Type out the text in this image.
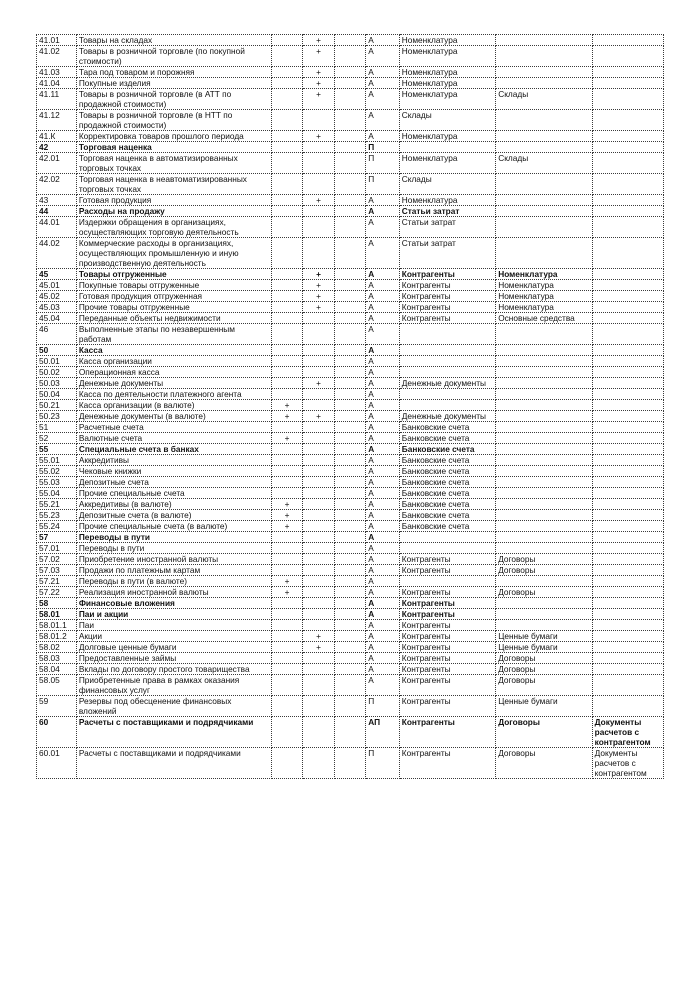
41.01	Товары на складах		+		А	Номенклатура		
41.02	Товары в розничной торговле (по покупной стоимости)		+		А	Номенклатура		
41.03	Тара под товаром и порожняя		+		А	Номенклатура		
41.04	Покупные изделия		+		А	Номенклатура		
41.11	Товары в розничной торговле (в АТТ по продажной стоимости)		+		А	Номенклатура	Склады	
41.12	Товары в розничной торговле (в НТТ по продажной стоимости)				А	Склады		
41.К	Корректировка товаров прошлого периода		+		А	Номенклатура		
42	Торговая наценка				П			
42.01	Торговая наценка в автоматизированных торговых точках				П	Номенклатура	Склады	
42.02	Торговая наценка в неавтоматизированных торговых точках				П	Склады		
43	Готовая продукция		+		А	Номенклатура		
44	Расходы на продажу				А	Статьи затрат		
44.01	Издержки обращения в организациях, осуществляющих торговую деятельность				А	Статьи затрат		
44.02	Коммерческие расходы в организациях, осуществляющих промышленную и иную производственную деятельность				А	Статьи затрат		
45	Товары отгруженные		+		А	Контрагенты	Номенклатура	
45.01	Покупные товары отгруженные		+		А	Контрагенты	Номенклатура	
45.02	Готовая продукция отгруженная		+		А	Контрагенты	Номенклатура	
45.03	Прочие товары отгруженные		+		А	Контрагенты	Номенклатура	
45.04	Переданные объекты недвижимости				А	Контрагенты	Основные средства	
46	Выполненные этапы по незавершенным работам				А			
50	Касса				А			
50.01	Касса организации				А			
50.02	Операционная касса				А			
50.03	Денежные документы		+		А	Денежные документы		
50.04	Касса по деятельности платежного агента				А			
50.21	Касса организации (в валюте)	+			А			
50.23	Денежные документы (в валюте)	+	+		А	Денежные документы		
51	Расчетные счета				А	Банковские счета		
52	Валютные счета	+			А	Банковские счета		
55	Специальные счета в банках				А	Банковские счета		
55.01	Аккредитивы				А	Банковские счета		
55.02	Чековые книжки				А	Банковские счета		
55.03	Депозитные счета				А	Банковские счета		
55.04	Прочие специальные счета				А	Банковские счета		
55.21	Аккредитивы (в валюте)	+			А	Банковские счета		
55.23	Депозитные счета (в валюте)	+			А	Банковские счета		
55.24	Прочие специальные счета (в валюте)	+			А	Банковские счета		
57	Переводы в пути				А			
57.01	Переводы в пути				А			
57.02	Приобретение иностранной валюты				А	Контрагенты	Договоры	
57.03	Продажи по платежным картам				А	Контрагенты	Договоры	
57.21	Переводы в пути (в валюте)	+			А			
57.22	Реализация иностранной валюты	+			А	Контрагенты	Договоры	
58	Финансовые вложения				А	Контрагенты		
58.01	Паи и акции				А	Контрагенты		
58.01.1	Паи				А	Контрагенты		
58.01.2	Акции		+		А	Контрагенты	Ценные бумаги	
58.02	Долговые ценные бумаги		+		А	Контрагенты	Ценные бумаги	
58.03	Предоставленные займы				А	Контрагенты	Договоры	
58.04	Вклады по договору простого товарищества				А	Контрагенты	Договоры	
58.05	Приобретенные права в рамках оказания финансовых услуг				А	Контрагенты	Договоры	
59	Резервы под обесценение финансовых вложений				П	Контрагенты	Ценные бумаги	
60	Расчеты с поставщиками и подрядчиками				АП	Контрагенты	Договоры	Документы расчетов с контрагентом
60.01	Расчеты с поставщиками и подрядчиками				П	Контрагенты	Договоры	Документы расчетов с контрагентом
